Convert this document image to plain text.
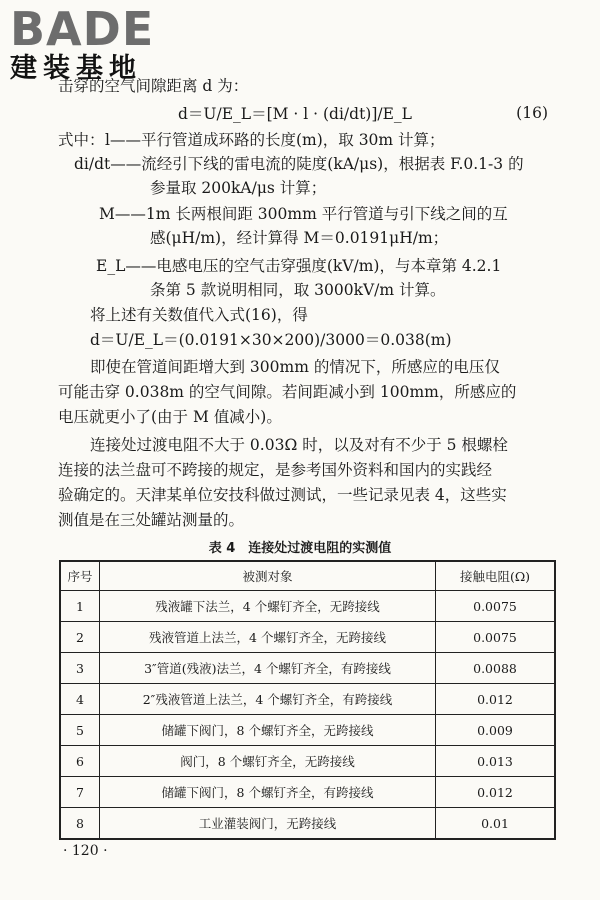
BADE
建装基地
击穿的空气间隙距离 d 为：
d＝U/E_L＝[M · l · (di/dt)]/E_L	(16)
式中： l——平行管道成环路的长度(m)，取 30m 计算；
di/dt——流经引下线的雷电流的陡度(kA/μs)，根据表 F.0.1-3 的
参量取 200kA/μs 计算；
M——1m 长两根间距 300mm 平行管道与引下线之间的互
感(μH/m)，经计算得 M＝0.0191μH/m；
E_L——电感电压的空气击穿强度(kV/m)，与本章第 4.2.1
条第 5 款说明相同，取 3000kV/m 计算。
将上述有关数值代入式(16)，得
d＝U/E_L＝(0.0191×30×200)/3000＝0.038(m)
即使在管道间距增大到 300mm 的情况下，所感应的电压仅
可能击穿 0.038m 的空气间隙。若间距减小到 100mm，所感应的
电压就更小了(由于 M 值减小)。
连接处过渡电阻不大于 0.03Ω 时，以及对有不少于 5 根螺栓
连接的法兰盘可不跨接的规定，是参考国外资料和国内的实践经
验确定的。天津某单位安技科做过测试，一些记录见表 4，这些实
测值是在三处罐站测量的。
表 4　连接处过渡电阻的实测值
序号	被测对象	接触电阻(Ω)
1	残液罐下法兰，4 个螺钉齐全，无跨接线	0.0075
2	残液管道上法兰，4 个螺钉齐全，无跨接线	0.0075
3	3″管道(残液)法兰，4 个螺钉齐全，有跨接线	0.0088
4	2″残液管道上法兰，4 个螺钉齐全，有跨接线	0.012
5	储罐下阀门，8 个螺钉齐全，无跨接线	0.009
6	阀门，8 个螺钉齐全，无跨接线	0.013
7	储罐下阀门，8 个螺钉齐全，有跨接线	0.012
8	工业灌装阀门，无跨接线	0.01
· 120 ·
